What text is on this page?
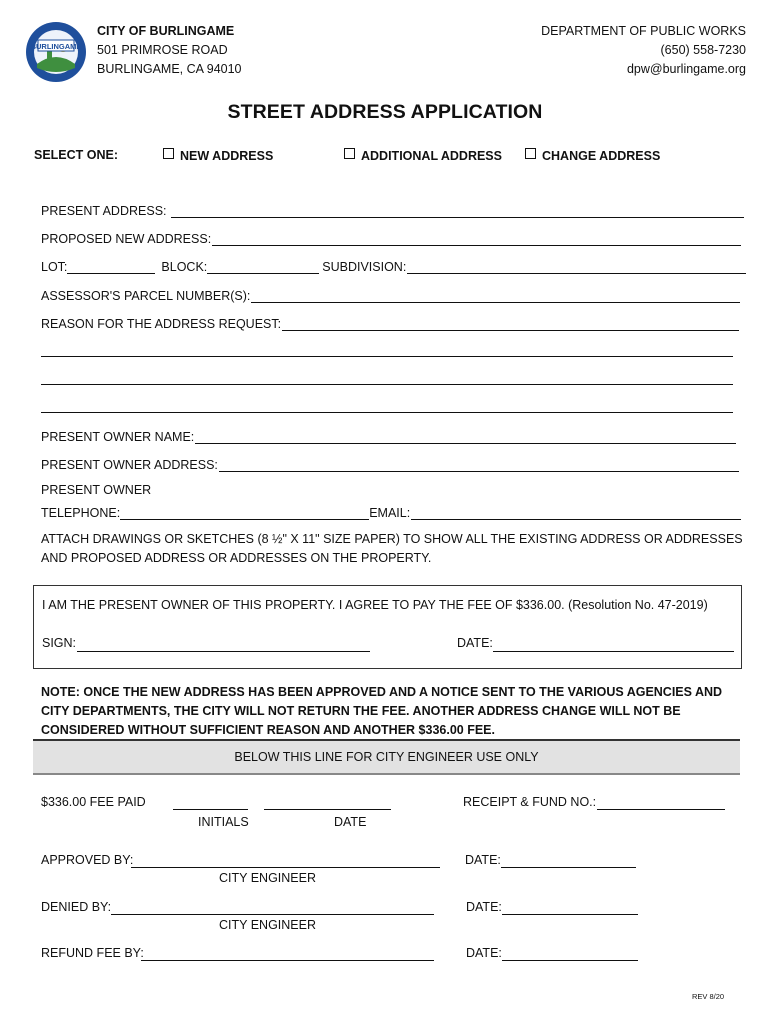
BURLINGAME
CITY OF BURLINGAME
501 PRIMROSE ROAD
BURLINGAME, CA 94010
DEPARTMENT OF PUBLIC WORKS
(650) 558-7230
dpw@burlingame.org
STREET ADDRESS APPLICATION
SELECT ONE:	NEW ADDRESS	ADDITIONAL ADDRESS	CHANGE ADDRESS
PRESENT ADDRESS:
PROPOSED NEW ADDRESS:
LOT:	BLOCK:	SUBDIVISION:
ASSESSOR'S PARCEL NUMBER(S):
REASON FOR THE ADDRESS REQUEST:
PRESENT OWNER NAME:
PRESENT OWNER ADDRESS:
PRESENT OWNER
TELEPHONE:	EMAIL:
ATTACH DRAWINGS OR SKETCHES (8 ½" X 11" SIZE PAPER) TO SHOW ALL THE EXISTING ADDRESS OR ADDRESSES
AND PROPOSED ADDRESS OR ADDRESSES ON THE PROPERTY.
I AM THE PRESENT OWNER OF THIS PROPERTY. I AGREE TO PAY THE FEE OF $336.00. (Resolution No. 47-2019)
SIGN:	DATE:
NOTE: ONCE THE NEW ADDRESS HAS BEEN APPROVED AND A NOTICE SENT TO THE VARIOUS AGENCIES AND
CITY DEPARTMENTS, THE CITY WILL NOT RETURN THE FEE. ANOTHER ADDRESS CHANGE WILL NOT BE
CONSIDERED WITHOUT SUFFICIENT REASON AND ANOTHER $336.00 FEE.
BELOW THIS LINE FOR CITY ENGINEER USE ONLY
$336.00 FEE PAID
INITIALS	DATE
RECEIPT & FUND NO.:
APPROVED BY:
CITY ENGINEER
DATE:
DENIED BY:
CITY ENGINEER
DATE:
REFUND FEE BY:	DATE:
REV 8/20
